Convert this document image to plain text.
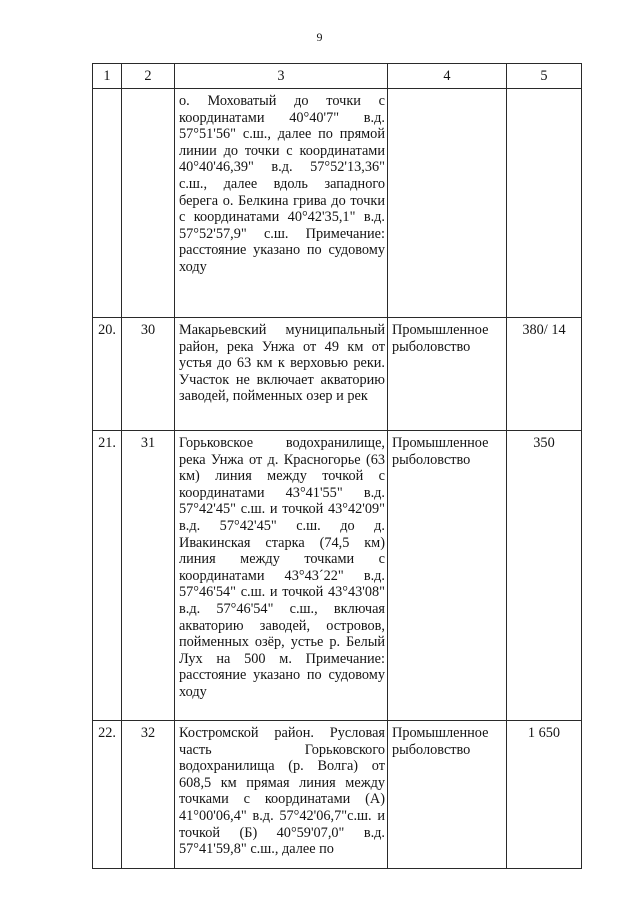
9
1	2	3	4	5

		о. Моховатый до точки с координатами 40°40'7" в.д. 57°51'56" с.ш., далее по прямой линии до точки с координатами 40°40'46,39" в.д. 57°52'13,36" с.ш., далее вдоль западного берега о. Белкина грива до точки с координатами 40°42'35,1" в.д. 57°52'57,9" с.ш. Примечание: расстояние указано по судовому ходу		

20.	30	Макарьевский муниципальный район, река Унжа от 49 км от устья до 63 км к верховью реки. Участок не включает акваторию заводей, пойменных озер и рек	Промышленное рыболовство	380/ 14

21.	31	Горьковское водохранилище, река Унжа от д. Красногорье (63 км) линия между точкой с координатами 43°41'55" в.д. 57°42'45" с.ш. и точкой 43°42'09" в.д. 57°42'45" с.ш. до д. Ивакинская старка (74,5 км) линия между точками с координатами 43°43´22" в.д. 57°46'54" с.ш. и точкой 43°43'08" в.д. 57°46'54" с.ш., включая акваторию заводей, островов, пойменных озёр, устье р. Белый Лух на 500 м. Примечание: расстояние указано по судовому ходу	Промышленное рыболовство	350

22.	32	Костромской район. Русловая часть Горьковского водохранилища (р. Волга) от 608,5 км прямая линия между точками с координатами (А) 41°00'06,4" в.д. 57°42'06,7"с.ш. и точкой (Б) 40°59'07,0" в.д. 57°41'59,8" с.ш., далее по	Промышленное рыболовство	1 650
